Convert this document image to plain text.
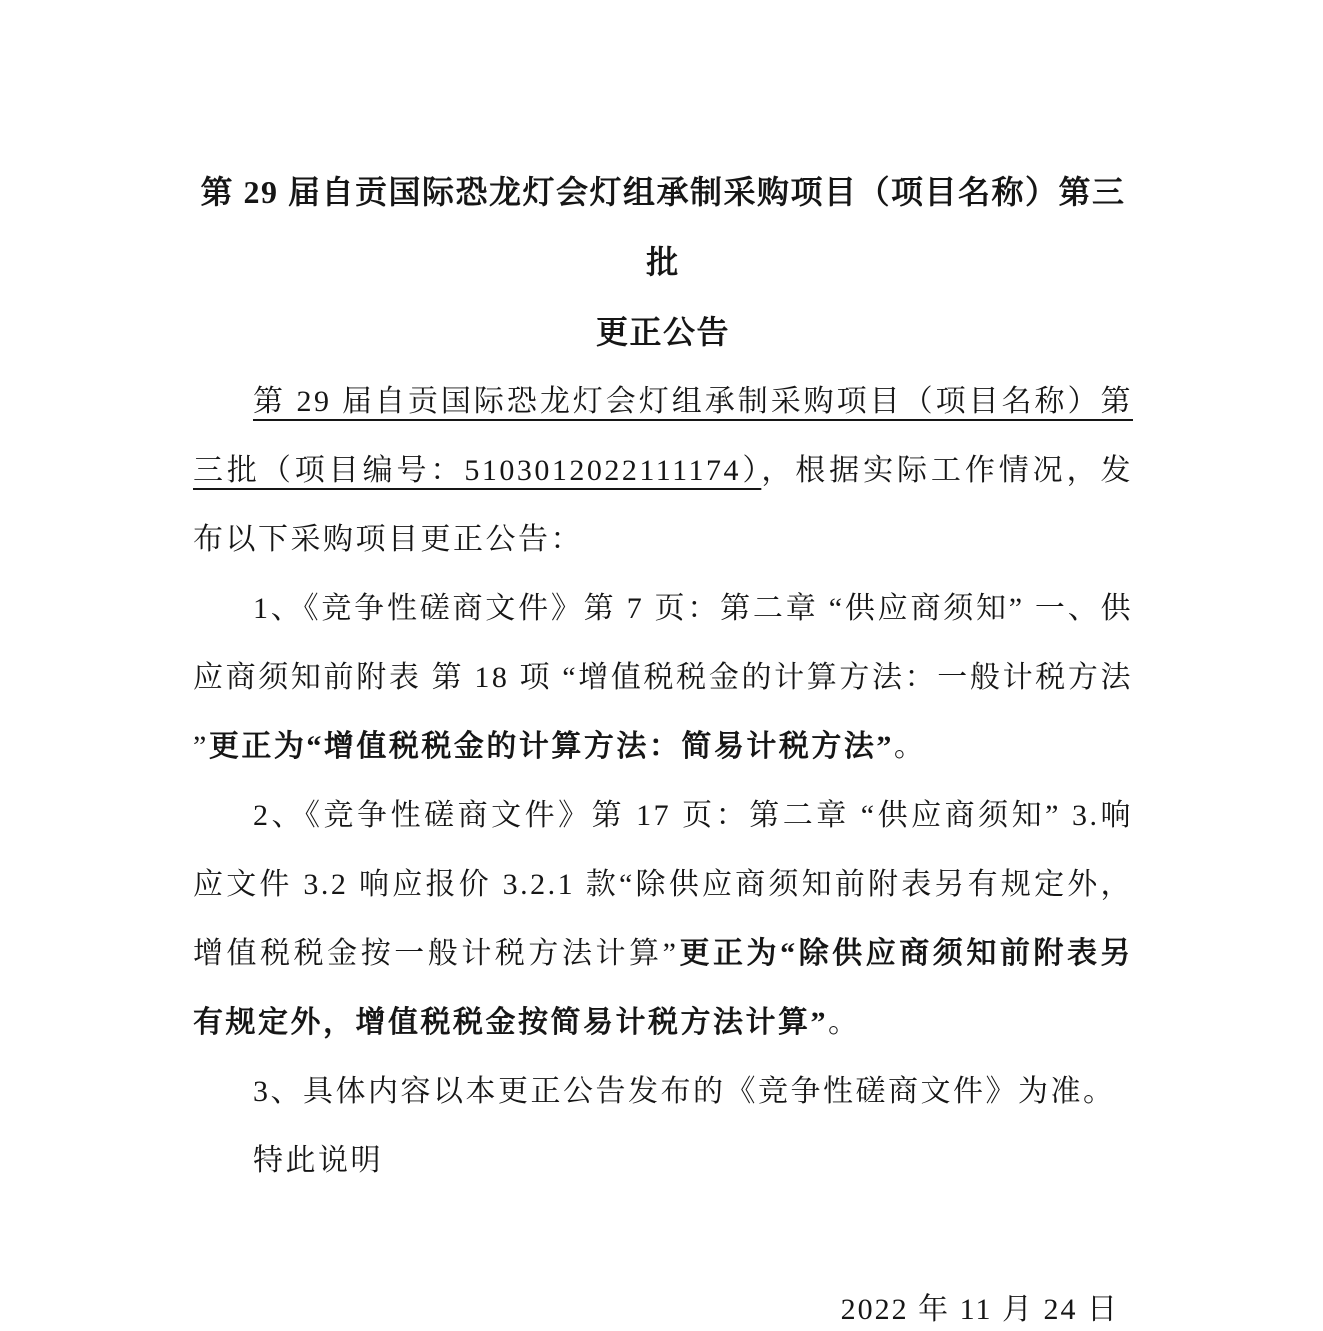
第 29 届自贡国际恐龙灯会灯组承制采购项目（项目名称）第三批
更正公告

第 29 届自贡国际恐龙灯会灯组承制采购项目（项目名称）第三批（项目编号：5103012022111174），根据实际工作情况，发布以下采购项目更正公告：

1、《竞争性磋商文件》第 7 页：第二章 “供应商须知” 一、供应商须知前附表 第 18 项 “增值税税金的计算方法：一般计税方法 ”更正为“增值税税金的计算方法：简易计税方法”。

2、《竞争性磋商文件》第 17 页：第二章 “供应商须知” 3.响应文件 3.2 响应报价 3.2.1 款“除供应商须知前附表另有规定外，增值税税金按一般计税方法计算”更正为“除供应商须知前附表另有规定外，增值税税金按简易计税方法计算”。

3、具体内容以本更正公告发布的《竞争性磋商文件》为准。

特此说明

2022 年 11 月 24 日
